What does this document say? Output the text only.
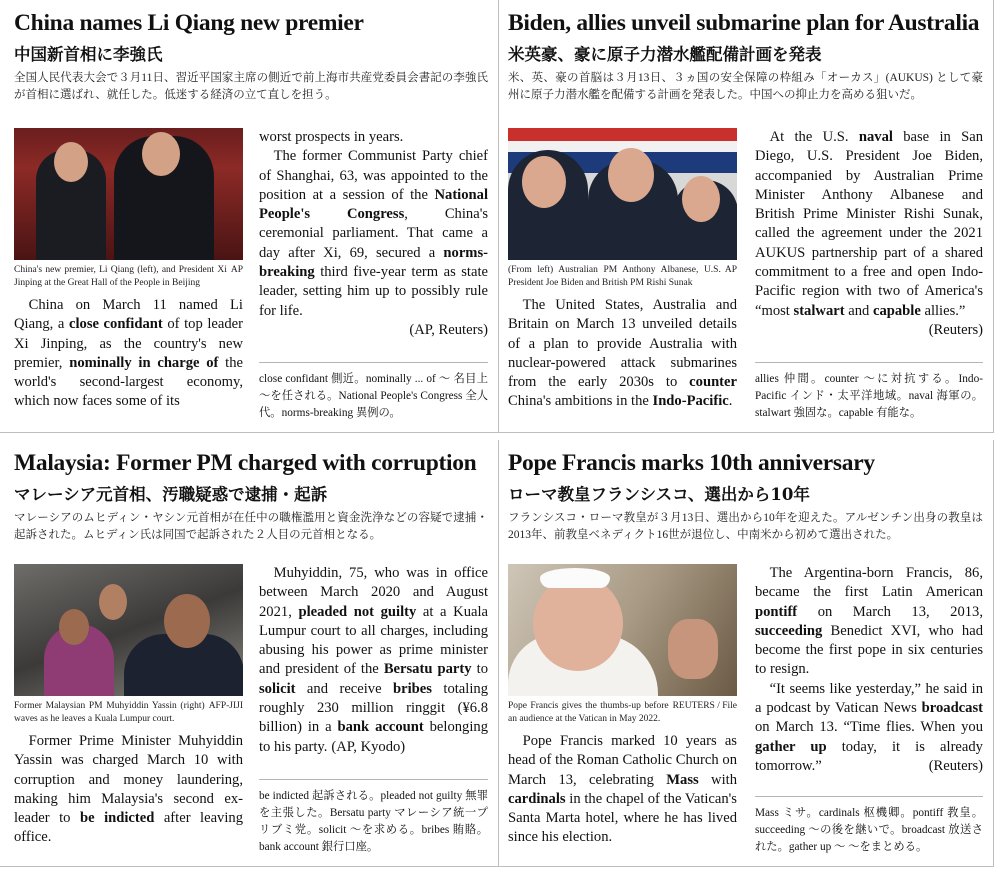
China names Li Qiang new premier
中国新首相に李強氏

全国人民代表大会で３月11日、習近平国家主席の側近で前上海市共産党委員会書記の李強氏が首相に選ばれ、就任した。低迷する経済の立て直しを担う。

AP
China's new premier, Li Qiang (left), and President Xi Jinping at the Great Hall of the People in Beijing

China on March 11 named Li Qiang, a close confidant of top leader Xi Jinping, as the country's new premier, nominally in charge of the world's second-largest economy, which now faces some of its

worst prospects in years.

The former Communist Party chief of Shanghai, 63, was appointed to the position at a session of the National People's Congress, China's ceremonial parliament. That came a day after Xi, 69, secured a norms-breaking third five-year term as state leader, setting him up to possibly rule for life.
(AP, Reuters)

close confidant 側近。nominally ... of ～ 名目上～を任される。National People's Congress 全人代。norms-breaking 異例の。
Biden, allies unveil submarine plan for Australia
米英豪、豪に原子力潜水艦配備計画を発表

米、英、豪の首脳は３月13日、３ヵ国の安全保障の枠組み「オーカス」(AUKUS) として豪州に原子力潜水艦を配備する計画を発表した。中国への抑止力を高める狙いだ。

AP
(From left) Australian PM Anthony Albanese, U.S. President Joe Biden and British PM Rishi Sunak

The United States, Australia and Britain on March 13 unveiled details of a plan to provide Australia with nuclear-powered attack submarines from the early 2030s to counter China's ambitions in the Indo-Pacific.

At the U.S. naval base in San Diego, U.S. President Joe Biden, accompanied by Australian Prime Minister Anthony Albanese and British Prime Minister Rishi Sunak, called the agreement under the 2021 AUKUS partnership part of a shared commitment to a free and open Indo-Pacific region with two of America's “most stalwart and capable allies.”
(Reuters)

allies 仲間。counter ～に対抗する。Indo-Pacific インド・太平洋地域。naval 海軍の。stalwart 強固な。capable 有能な。
Malaysia: Former PM charged with corruption
マレーシア元首相、汚職疑惑で逮捕・起訴

マレーシアのムヒディン・ヤシン元首相が在任中の職権濫用と資金洗浄などの容疑で逮捕・起訴された。ムヒディン氏は同国で起訴された２人目の元首相となる。

AFP-JIJI
Former Malaysian PM Muhyiddin Yassin (right) waves as he leaves a Kuala Lumpur court.

Former Prime Minister Muhyiddin Yassin was charged March 10 with corruption and money laundering, making him Malaysia's second ex-leader to be indicted after leaving office.

Muhyiddin, 75, who was in office between March 2020 and August 2021, pleaded not guilty at a Kuala Lumpur court to all charges, including abusing his power as prime minister and president of the Bersatu party to solicit and receive bribes totaling roughly 230 million ringgit (¥6.8 billion) in a bank account belonging to his party. (AP, Kyodo)

be indicted 起訴される。pleaded not guilty 無罪を主張した。Bersatu party マレーシア統一プリブミ党。solicit ～を求める。bribes 賄賂。bank account 銀行口座。
Pope Francis marks 10th anniversary
ローマ教皇フランシスコ、選出から10年

フランシスコ・ローマ教皇が３月13日、選出から10年を迎えた。アルゼンチン出身の教皇は2013年、前教皇ベネディクト16世が退位し、中南米から初めて選出された。

REUTERS / File
Pope Francis gives the thumbs-up before an audience at the Vatican in May 2022.

Pope Francis marked 10 years as head of the Roman Catholic Church on March 13, celebrating Mass with cardinals in the chapel of the Vatican's Santa Marta hotel, where he has lived since his election.

The Argentina-born Francis, 86, became the first Latin American pontiff on March 13, 2013, succeeding Benedict XVI, who had become the first pope in six centuries to resign.

“It seems like yesterday,” he said in a podcast by Vatican News broadcast on March 13. “Time flies. When you gather up today, it is already tomorrow.”	(Reuters)

Mass ミサ。cardinals 枢機卿。pontiff 教皇。succeeding ～の後を継いで。broadcast 放送された。gather up ～ ～をまとめる。
